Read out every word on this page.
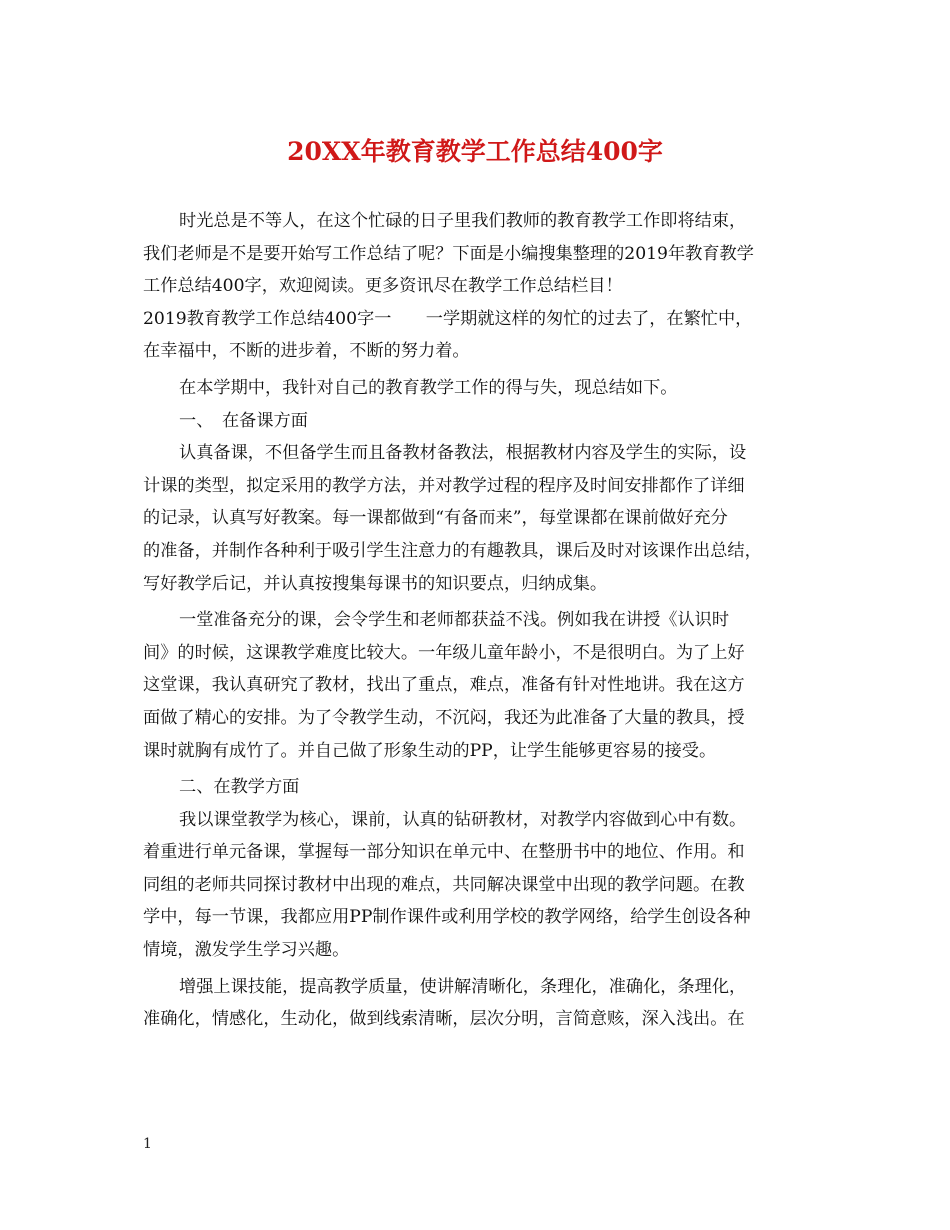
20XX年教育教学工作总结400字
时光总是不等人，在这个忙碌的日子里我们教师的教育教学工作即将结束，
我们老师是不是要开始写工作总结了呢？下面是小编搜集整理的2019年教育教学
工作总结400字，欢迎阅读。更多资讯尽在教学工作总结栏目！
2019教育教学工作总结400字一　　一学期就这样的匆忙的过去了，在繁忙中，
在幸福中，不断的进步着，不断的努力着。
在本学期中，我针对自己的教育教学工作的得与失，现总结如下。
一、　在备课方面
认真备课，不但备学生而且备教材备教法，根据教材内容及学生的实际，设
计课的类型，拟定采用的教学方法，并对教学过程的程序及时间安排都作了详细
的记录，认真写好教案。每一课都做到“有备而来”，每堂课都在课前做好充分
的准备，并制作各种利于吸引学生注意力的有趣教具，课后及时对该课作出总结，
写好教学后记，并认真按搜集每课书的知识要点，归纳成集。
一堂准备充分的课，会令学生和老师都获益不浅。例如我在讲授《认识时
间》的时候，这课教学难度比较大。一年级儿童年龄小，不是很明白。为了上好
这堂课，我认真研究了教材，找出了重点，难点，准备有针对性地讲。我在这方
面做了精心的安排。为了令教学生动，不沉闷，我还为此准备了大量的教具，授
课时就胸有成竹了。并自己做了形象生动的PP，让学生能够更容易的接受。
二、在教学方面
我以课堂教学为核心，课前，认真的钻研教材，对教学内容做到心中有数。
着重进行单元备课，掌握每一部分知识在单元中、在整册书中的地位、作用。和
同组的老师共同探讨教材中出现的难点，共同解决课堂中出现的教学问题。在教
学中，每一节课，我都应用PP制作课件或利用学校的教学网络，给学生创设各种
情境，激发学生学习兴趣。
增强上课技能，提高教学质量，使讲解清晰化，条理化，准确化，条理化，
准确化，情感化，生动化，做到线索清晰，层次分明，言简意赅，深入浅出。在
1
